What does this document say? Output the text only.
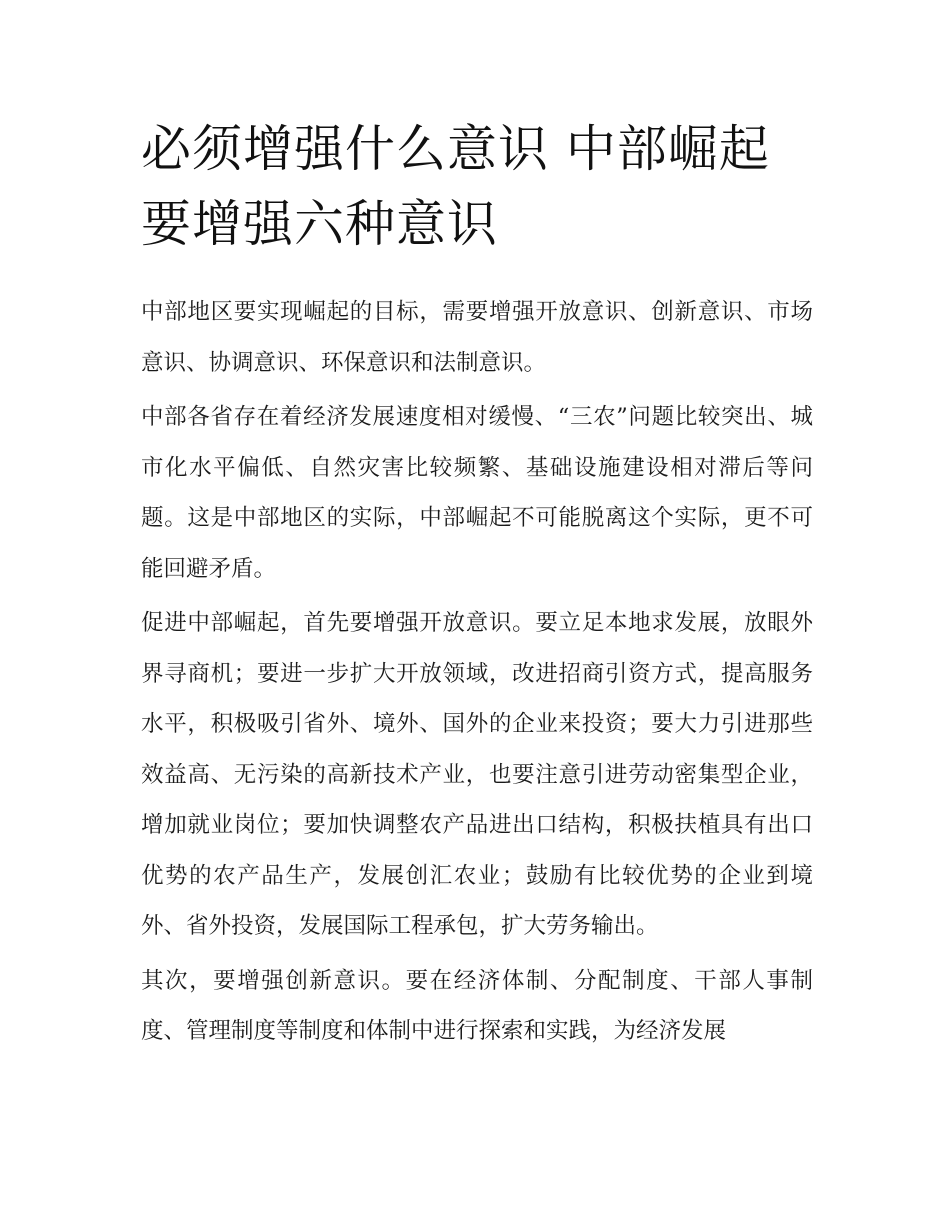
必须增强什么意识 中部崛起要增强六种意识

中部地区要实现崛起的目标，需要增强开放意识、创新意识、市场意识、协调意识、环保意识和法制意识。

中部各省存在着经济发展速度相对缓慢、“三农”问题比较突出、城市化水平偏低、自然灾害比较频繁、基础设施建设相对滞后等问题。这是中部地区的实际，中部崛起不可能脱离这个实际，更不可能回避矛盾。

促进中部崛起，首先要增强开放意识。要立足本地求发展，放眼外界寻商机；要进一步扩大开放领域，改进招商引资方式，提高服务水平，积极吸引省外、境外、国外的企业来投资；要大力引进那些效益高、无污染的高新技术产业，也要注意引进劳动密集型企业，增加就业岗位；要加快调整农产品进出口结构，积极扶植具有出口优势的农产品生产，发展创汇农业；鼓励有比较优势的企业到境外、省外投资，发展国际工程承包，扩大劳务输出。

其次，要增强创新意识。要在经济体制、分配制度、干部人事制度、管理制度等制度和体制中进行探索和实践，为经济发展
